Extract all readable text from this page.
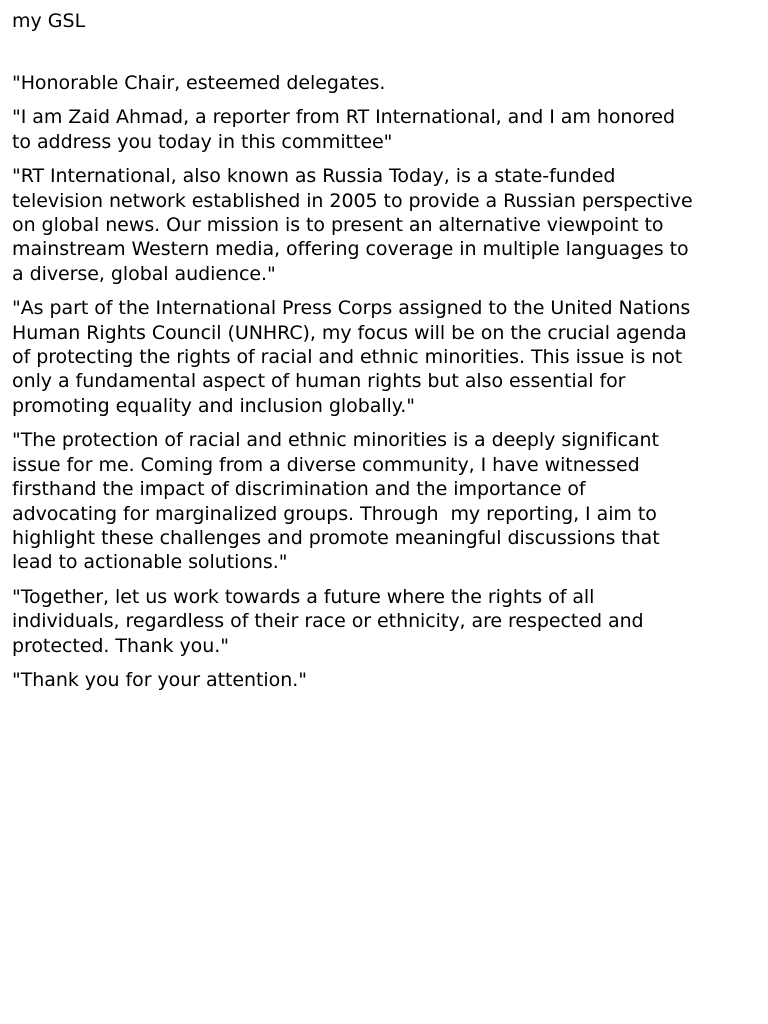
my GSL

"Honorable Chair, esteemed delegates.

"I am Zaid Ahmad, a reporter from RT International, and I am honored
to address you today in this committee"

"RT International, also known as Russia Today, is a state-funded
television network established in 2005 to provide a Russian perspective
on global news. Our mission is to present an alternative viewpoint to
mainstream Western media, offering coverage in multiple languages to
a diverse, global audience."

"As part of the International Press Corps assigned to the United Nations
Human Rights Council (UNHRC), my focus will be on the crucial agenda
of protecting the rights of racial and ethnic minorities. This issue is not
only a fundamental aspect of human rights but also essential for
promoting equality and inclusion globally."

"The protection of racial and ethnic minorities is a deeply significant
issue for me. Coming from a diverse community, I have witnessed
firsthand the impact of discrimination and the importance of
advocating for marginalized groups. Through  my reporting, I aim to
highlight these challenges and promote meaningful discussions that
lead to actionable solutions."

"Together, let us work towards a future where the rights of all
individuals, regardless of their race or ethnicity, are respected and
protected. Thank you."

"Thank you for your attention."
